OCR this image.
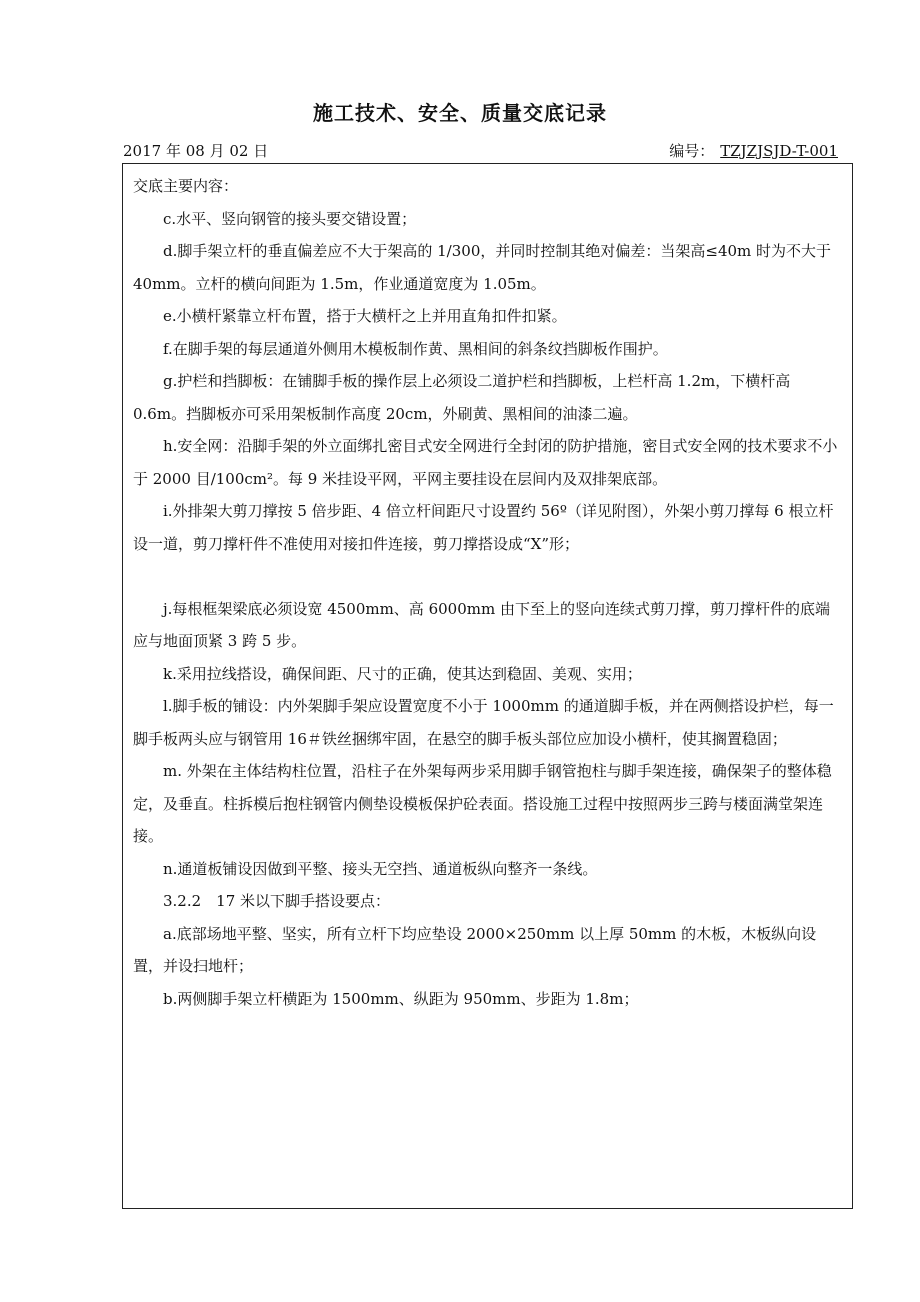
施工技术、安全、质量交底记录
2017 年 08 月 02 日	编号： TZJZJSJD-T-001

交底主要内容：

c.水平、竖向钢管的接头要交错设置；

d.脚手架立杆的垂直偏差应不大于架高的 1/300，并同时控制其绝对偏差：当架高≤40m 时为不大于 40mm。立杆的横向间距为 1.5m，作业通道宽度为 1.05m。

e.小横杆紧靠立杆布置，搭于大横杆之上并用直角扣件扣紧。

f.在脚手架的每层通道外侧用木模板制作黄、黑相间的斜条纹挡脚板作围护。

g.护栏和挡脚板：在铺脚手板的操作层上必须设二道护栏和挡脚板，上栏杆高 1.2m，下横杆高 0.6m。挡脚板亦可采用架板制作高度 20cm，外刷黄、黑相间的油漆二遍。

h.安全网：沿脚手架的外立面绑扎密目式安全网进行全封闭的防护措施，密目式安全网的技术要求不小于 2000 目/100cm²。每 9 米挂设平网，平网主要挂设在层间内及双排架底部。

i.外排架大剪刀撑按 5 倍步距、4 倍立杆间距尺寸设置约 56º（详见附图），外架小剪刀撑每 6 根立杆设一道，剪刀撑杆件不准使用对接扣件连接，剪刀撑搭设成“X”形；

j.每根框架梁底必须设宽 4500mm、高 6000mm 由下至上的竖向连续式剪刀撑，剪刀撑杆件的底端应与地面顶紧 3 跨 5 步。

k.采用拉线搭设，确保间距、尺寸的正确，使其达到稳固、美观、实用；

l.脚手板的铺设：内外架脚手架应设置宽度不小于 1000mm 的通道脚手板，并在两侧搭设护栏，每一脚手板两头应与钢管用 16＃铁丝捆绑牢固，在悬空的脚手板头部位应加设小横杆，使其搁置稳固；

m. 外架在主体结构柱位置，沿柱子在外架每两步采用脚手钢管抱柱与脚手架连接，确保架子的整体稳定，及垂直。柱拆模后抱柱钢管内侧垫设模板保护砼表面。搭设施工过程中按照两步三跨与楼面满堂架连接。

n.通道板铺设因做到平整、接头无空挡、通道板纵向整齐一条线。

3.2.2　17 米以下脚手搭设要点：

a.底部场地平整、坚实，所有立杆下均应垫设 2000×250mm 以上厚 50mm 的木板，木板纵向设置，并设扫地杆；

b.两侧脚手架立杆横距为 1500mm、纵距为 950mm、步距为 1.8m；
